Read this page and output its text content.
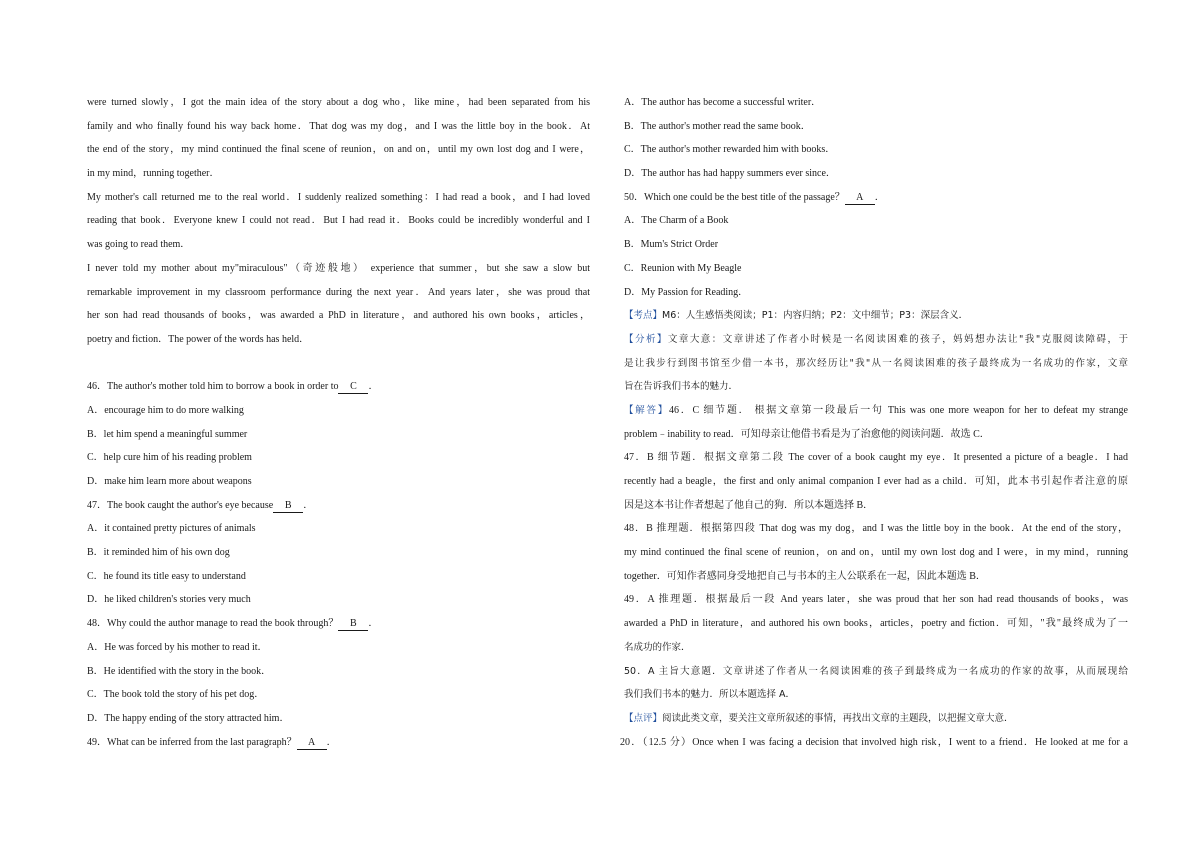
were turned slowly，I got the main idea of the story about a dog who，like mine，had been separated from his
family and who finally found his way back home．That dog was my dog，and I was the little boy in the book．At
the end of the story，my mind continued the final scene of reunion，on and on，until my own lost dog and I were，
in my mind，running together．
My mother's call returned me to the real world．I suddenly realized something：I had read a book，and I had loved
reading that book．Everyone knew I could not read．But I had read it．Books could be incredibly wonderful and I
was going to read them．
I never told my mother about my"miraculous"（奇迹般地） experience that summer，but she saw a slow but
remarkable improvement in my classroom performance during the next year．And years later，she was proud that
her son had read thousands of books，was awarded a PhD in literature，and authored his own books，articles，
poetry and fiction．The power of the words has held．
46．The author's mother told him to borrow a book in order to C ．
A．encourage him to do more walking
B．let him spend a meaningful summer
C．help cure him of his reading problem
D．make him learn more about weapons
47．The book caught the author's eye because B ．
A．it contained pretty pictures of animals
B．it reminded him of his own dog
C．he found its title easy to understand
D．he liked children's stories very much
48．Why could the author manage to read the book through？ B ．
A．He was forced by his mother to read it．
B．He identified with the story in the book．
C．The book told the story of his pet dog．
D．The happy ending of the story attracted him．
49．What can be inferred from the last paragraph？ A ．
A．The author has become a successful writer．
B．The author's mother read the same book．
C．The author's mother rewarded him with books．
D．The author has had happy summers ever since．
50．Which one could be the best title of the passage？ A ．
A．The Charm of a Book
B．Mum's Strict Order
C．Reunion with My Beagle
D．My Passion for Reading．
【考点】M6：人生感悟类阅读；P1：内容归纳；P2：文中细节；P3：深层含义．
【分析】文章大意：文章讲述了作者小时候是一名阅读困难的孩子，妈妈想办法让"我"克服阅读障碍，于
是让我步行到图书馆至少借一本书，那次经历让"我"从一名阅读困难的孩子最终成为一名成功的作家，文章
旨在告诉我们书本的魅力．
【解答】46．C 细节题． 根据文章第一段最后一句 This was one more weapon for her to defeat my strange
problem﹣inability to read．可知母亲让他借书看是为了治愈他的阅读问题．故选 C．
47．B 细节题．根据文章第二段 The cover of a book caught my eye．It presented a picture of a beagle．I had
recently had a beagle，the first and only animal companion I ever had as a child．可知，此本书引起作者注意的原
因是这本书让作者想起了他自己的狗．所以本题选择 B．
48．B 推理题．根据第四段 That dog was my dog，and I was the little boy in the book．At the end of the story，
my mind continued the final scene of reunion，on and on，until my own lost dog and I were，in my mind，running
together．可知作者感同身受地把自己与书本的主人公联系在一起，因此本题选 B．
49．A 推理题．根据最后一段 And years later，she was proud that her son had read thousands of books，was
awarded a PhD in literature，and authored his own books，articles，poetry and fiction．可知，"我"最终成为了一
名成功的作家．
50．A 主旨大意题．文章讲述了作者从一名阅读困难的孩子到最终成为一名成功的作家的故事，从而展现给
我们我们书本的魅力．所以本题选择 A．
【点评】阅读此类文章，要关注文章所叙述的事情，再找出文章的主题段，以把握文章大意．
20．（12.5 分）Once when I was facing a decision that involved high risk，I went to a friend．He looked at me for a
